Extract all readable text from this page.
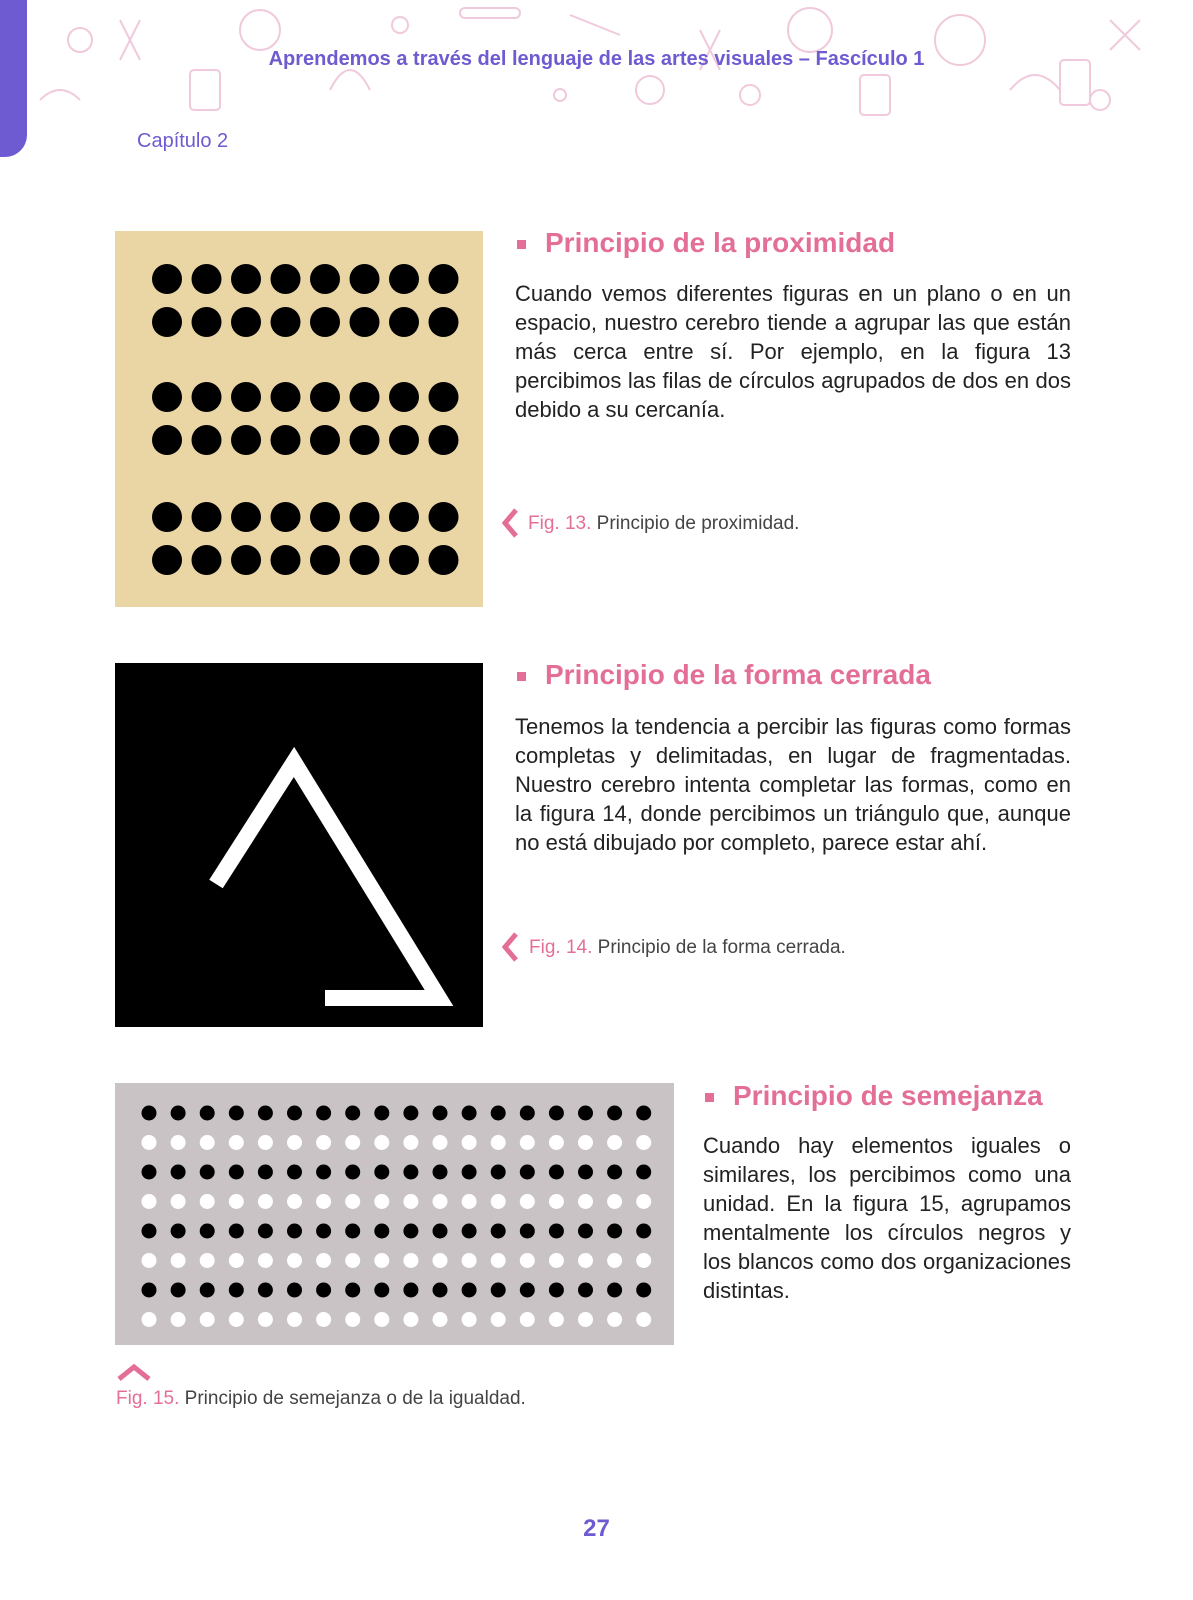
Aprendemos a través del lenguaje de las artes visuales – Fascículo 1
Capítulo 2
Principio de la proximidad
Cuando vemos diferentes figuras en un plano o en un espacio, nuestro cerebro tiende a agrupar las que están más cerca entre sí. Por ejemplo, en la figura 13 percibimos las filas de círculos agrupados de dos en dos debido a su cercanía.
Fig. 13. Principio de proximidad.
Principio de la forma cerrada
Tenemos la tendencia a percibir las figuras como formas completas y delimitadas, en lugar de fragmentadas. Nuestro cerebro intenta completar las formas, como en la figura 14, donde percibimos un triángulo que, aunque no está dibujado por completo, parece estar ahí.
Fig. 14. Principio de la forma cerrada.
Principio de semejanza
Cuando hay elementos iguales o similares, los percibimos como una unidad. En la figura 15, agrupamos mentalmente los círculos negros y los blancos como dos organizaciones distintas.
Fig. 15. Principio de semejanza o de la igualdad.
27
